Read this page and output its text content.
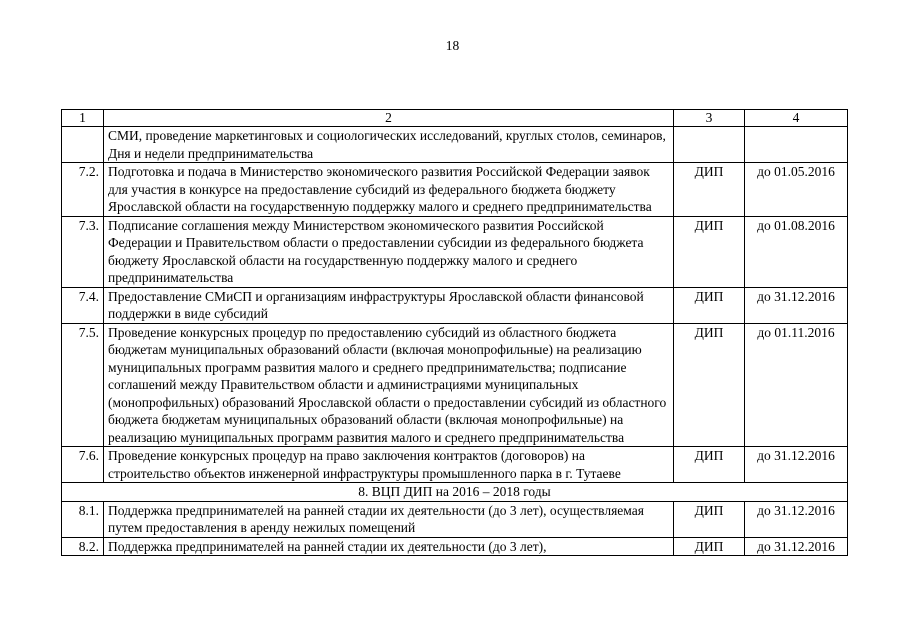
18
1	2	3	4
	СМИ, проведение маркетинговых и социологических исследований, круглых столов, семинаров, Дня и недели предпринимательства		
7.2.	Подготовка и подача в Министерство экономического развития Российской Федерации заявок для участия в конкурсе на предоставление субсидий из федерального бюджета бюджету Ярославской области на государственную поддержку малого и среднего предпринимательства	ДИП	до 01.05.2016
7.3.	Подписание соглашения между Министерством экономического развития Российской Федерации и Правительством области о предоставлении субсидии из федерального бюджета бюджету Ярославской области на государственную поддержку малого и среднего предпринимательства	ДИП	до 01.08.2016
7.4.	Предоставление СМиСП и организациям инфраструктуры Ярославской области финансовой поддержки в виде субсидий	ДИП	до 31.12.2016
7.5.	Проведение конкурсных процедур по предоставлению субсидий из областного бюджета бюджетам муниципальных образований области (включая монопрофильные) на реализацию муниципальных программ развития малого и среднего предпринимательства; подписание соглашений между Правительством области и администрациями муниципальных (монопрофильных) образований Ярославской области о предоставлении субсидий из областного бюджета бюджетам муниципальных образований области (включая монопрофильные) на реализацию муниципальных программ развития малого и среднего предпринимательства	ДИП	до 01.11.2016
7.6.	Проведение конкурсных процедур на право заключения контрактов (договоров) на строительство объектов инженерной инфраструктуры промышленного парка в г. Тутаеве	ДИП	до 31.12.2016
8. ВЦП ДИП на 2016 – 2018 годы			
8.1.	Поддержка предпринимателей на ранней стадии их деятельности (до 3 лет), осуществляемая путем предоставления в аренду нежилых помещений	ДИП	до 31.12.2016
8.2.	Поддержка предпринимателей на ранней стадии их деятельности (до 3 лет),	ДИП	до 31.12.2016
